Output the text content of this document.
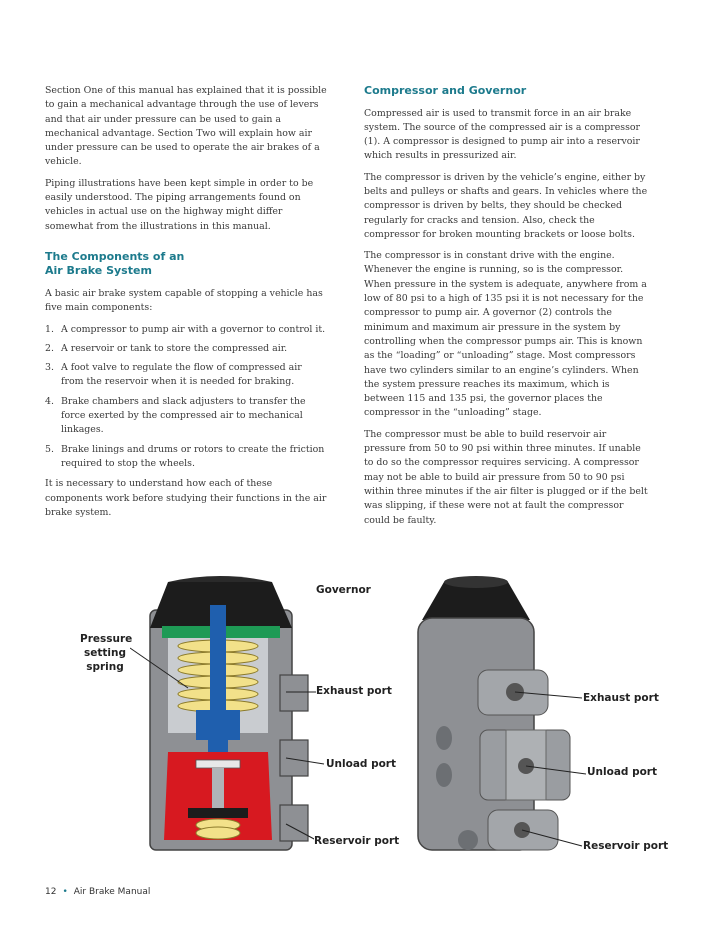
Section One of this manual has explained that it is possible to gain a mechanical advantage through the use of levers and that air under pressure can be used to gain a mechanical advantage. Section Two will explain how air under pressure can be used to operate the air brakes of a vehicle.

Piping illustrations have been kept simple in order to be easily understood. The piping arrangements found on vehicles in actual use on the highway might differ somewhat from the illustrations in this manual.

The Components of an
Air Brake System

A basic air brake system capable of stopping a vehicle has five main components:

1. A compressor to pump air with a governor to control it.
2. A reservoir or tank to store the compressed air.
3. A foot valve to regulate the flow of compressed air from the reservoir when it is needed for braking.
4. Brake chambers and slack adjusters to transfer the force exerted by the compressed air to mechanical linkages.
5. Brake linings and drums or rotors to create the friction required to stop the wheels.

It is necessary to understand how each of these components work before studying their functions in the air brake system.

Compressor and Governor

Compressed air is used to transmit force in an air brake system. The source of the compressed air is a compressor (1). A compressor is designed to pump air into a reservoir which results in pressurized air.

The compressor is driven by the vehicle’s engine, either by belts and pulleys or shafts and gears. In vehicles where the compressor is driven by belts, they should be checked regularly for cracks and tension. Also, check the compressor for broken mounting brackets or loose bolts.

The compressor is in constant drive with the engine. Whenever the engine is running, so is the compressor. When pressure in the system is adequate, anywhere from a low of 80 psi to a high of 135 psi it is not necessary for the compressor to pump air. A governor (2) controls the minimum and maximum air pressure in the system by controlling when the compressor pumps air. This is known as the “loading” or “unloading” stage. Most compressors have two cylinders similar to an engine’s cylinders. When the system pressure reaches its maximum, which is between 115 and 135 psi, the governor places the compressor in the “unloading” stage.

The compressor must be able to build reservoir air pressure from 50 to 90 psi within three minutes. If unable to do so the compressor requires servicing. A compressor may not be able to build air pressure from 50 to 90 psi within three minutes if the air filter is plugged or if the belt was slipping, if these were not at fault the compressor could be faulty.

Governor
Pressure
setting
spring
Exhaust port
Unload port
Reservoir port
Exhaust port
Unload port
Reservoir port
12 • Air Brake Manual
